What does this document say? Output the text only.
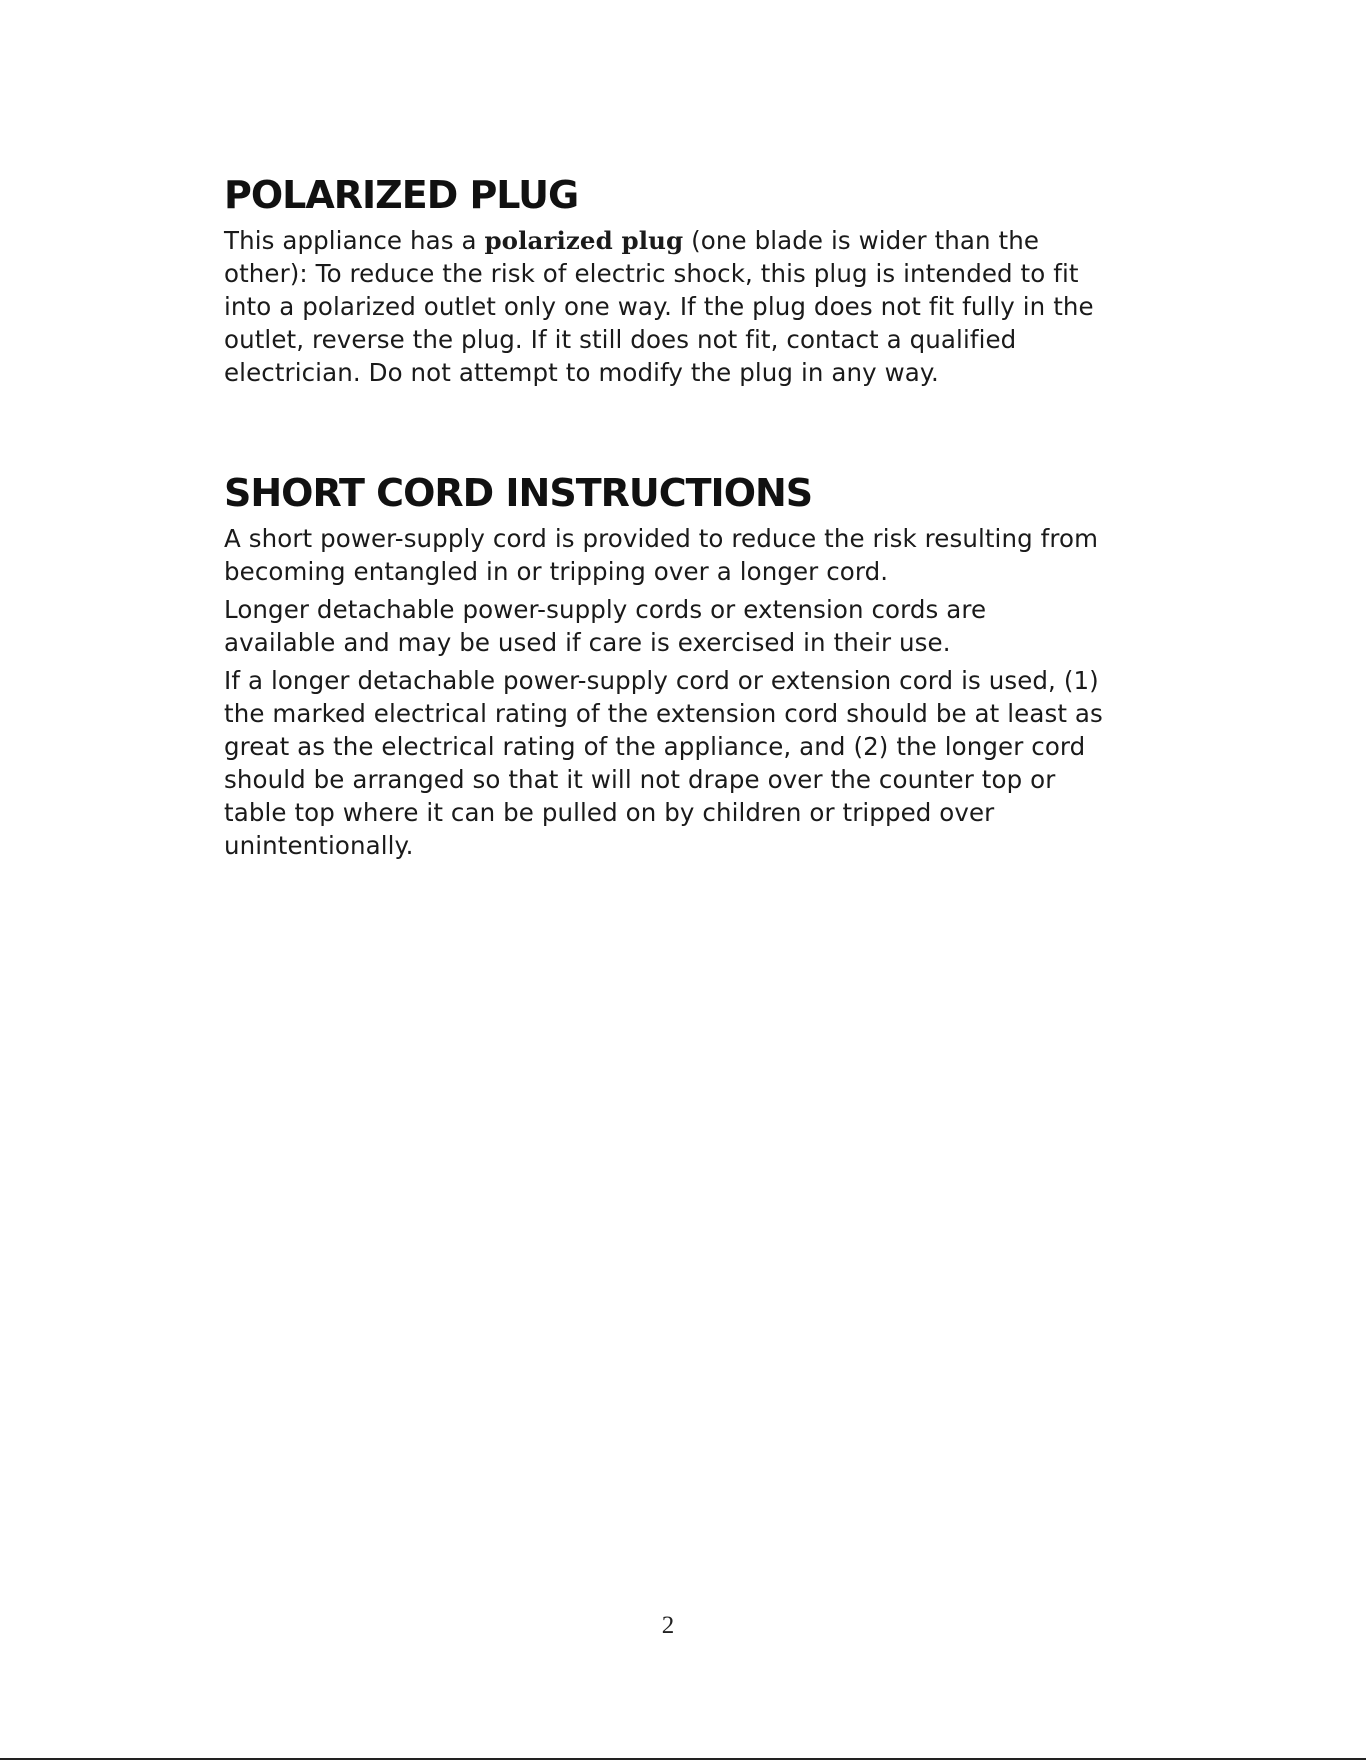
POLARIZED PLUG

This appliance has a polarized plug (one blade is wider than the other): To reduce the risk of electric shock, this plug is intended to fit into a polarized outlet only one way. If the plug does not fit fully in the outlet, reverse the plug. If it still does not fit, contact a qualified electrician. Do not attempt to modify the plug in any way.

SHORT CORD INSTRUCTIONS

A short power-supply cord is provided to reduce the risk resulting from becoming entangled in or tripping over a longer cord.

Longer detachable power-supply cords or extension cords are available and may be used if care is exercised in their use.

If a longer detachable power-supply cord or extension cord is used, (1) the marked electrical rating of the extension cord should be at least as great as the electrical rating of the appliance, and (2) the longer cord should be arranged so that it will not drape over the counter top or table top where it can be pulled on by children or tripped over unintentionally.

2
